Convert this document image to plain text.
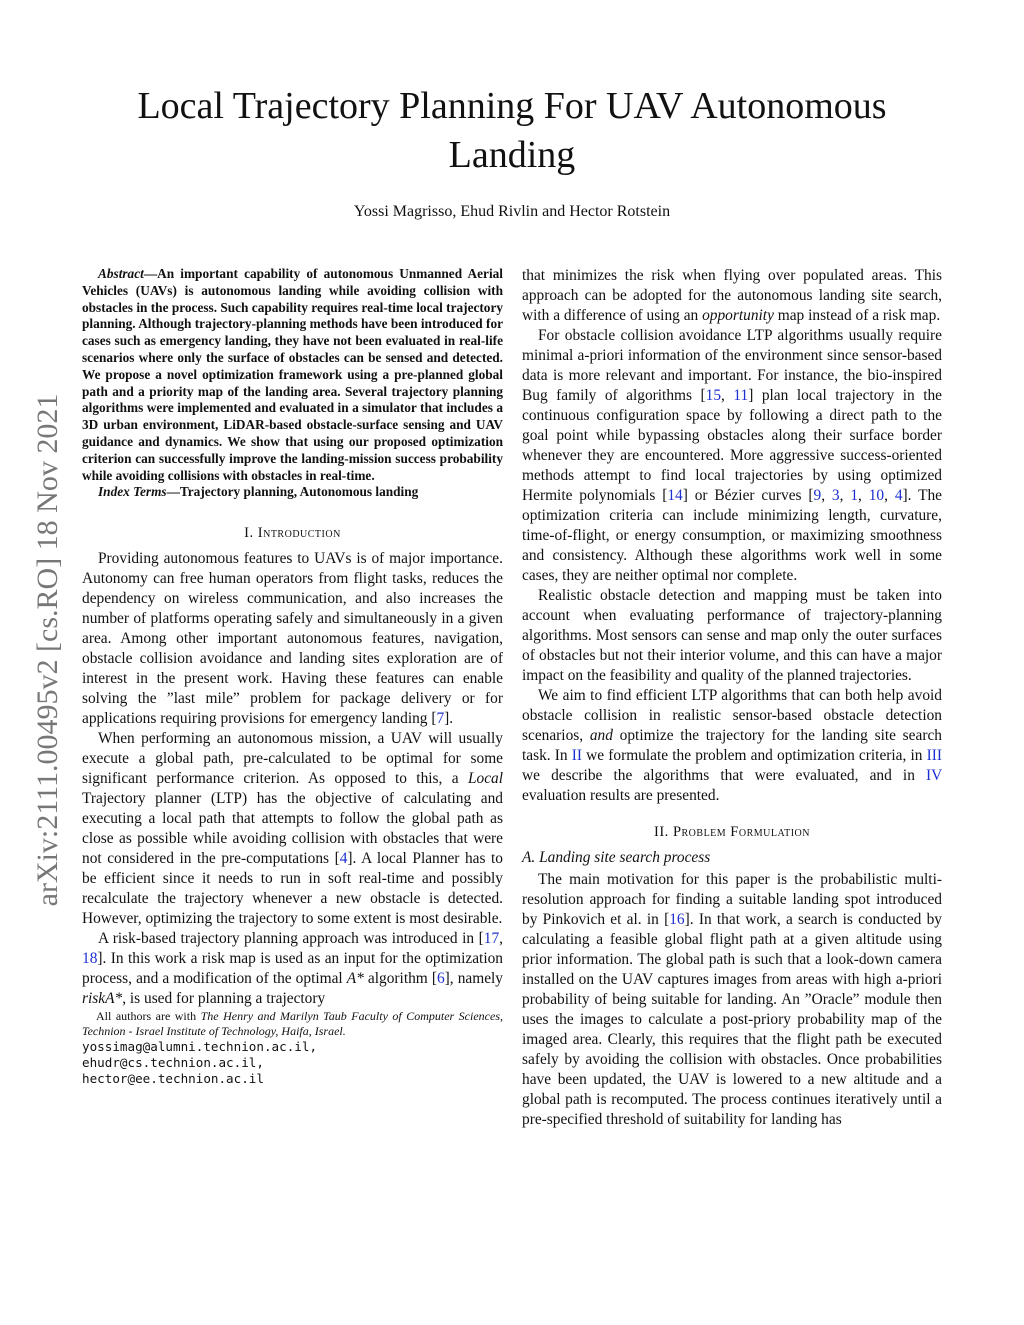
Local Trajectory Planning For UAV Autonomous
Landing
Yossi Magrisso, Ehud Rivlin and Hector Rotstein
arXiv:2111.00495v2 [cs.RO] 18 Nov 2021

Abstract—An important capability of autonomous Unmanned Aerial Vehicles (UAVs) is autonomous landing while avoiding collision with obstacles in the process. Such capability requires real-time local trajectory planning. Although trajectory-planning methods have been introduced for cases such as emergency landing, they have not been evaluated in real-life scenarios where only the surface of obstacles can be sensed and detected. We propose a novel optimization framework using a pre-planned global path and a priority map of the landing area. Several trajectory planning algorithms were implemented and evaluated in a simulator that includes a 3D urban environment, LiDAR-based obstacle-surface sensing and UAV guidance and dynamics. We show that using our proposed optimization criterion can successfully improve the landing-mission success probability while avoiding collisions with obstacles in real-time.

Index Terms—Trajectory planning, Autonomous landing

I. Introduction

Providing autonomous features to UAVs is of major importance. Autonomy can free human operators from flight tasks, reduces the dependency on wireless communication, and also increases the number of platforms operating safely and simultaneously in a given area. Among other important autonomous features, navigation, obstacle collision avoidance and landing sites exploration are of interest in the present work. Having these features can enable solving the ”last mile” problem for package delivery or for applications requiring provisions for emergency landing [7].

When performing an autonomous mission, a UAV will usually execute a global path, pre-calculated to be optimal for some significant performance criterion. As opposed to this, a Local Trajectory planner (LTP) has the objective of calculating and executing a local path that attempts to follow the global path as close as possible while avoiding collision with obstacles that were not considered in the pre-computations [4]. A local Planner has to be efficient since it needs to run in soft real-time and possibly recalculate the trajectory whenever a new obstacle is detected. However, optimizing the trajectory to some extent is most desirable.

A risk-based trajectory planning approach was introduced in [17, 18]. In this work a risk map is used as an input for the optimization process, and a modification of the optimal A* algorithm [6], namely riskA*, is used for planning a trajectory

All authors are with The Henry and Marilyn Taub Faculty of Computer Sciences, Technion - Israel Institute of Technology, Haifa, Israel.

yossimag@alumni.technion.ac.il,
ehudr@cs.technion.ac.il,
hector@ee.technion.ac.il

that minimizes the risk when flying over populated areas. This approach can be adopted for the autonomous landing site search, with a difference of using an opportunity map instead of a risk map.

For obstacle collision avoidance LTP algorithms usually require minimal a-priori information of the environment since sensor-based data is more relevant and important. For instance, the bio-inspired Bug family of algorithms [15, 11] plan local trajectory in the continuous configuration space by following a direct path to the goal point while bypassing obstacles along their surface border whenever they are encountered. More aggressive success-oriented methods attempt to find local trajectories by using optimized Hermite polynomials [14] or Bézier curves [9, 3, 1, 10, 4]. The optimization criteria can include minimizing length, curvature, time-of-flight, or energy consumption, or maximizing smoothness and consistency. Although these algorithms work well in some cases, they are neither optimal nor complete.

Realistic obstacle detection and mapping must be taken into account when evaluating performance of trajectory-planning algorithms. Most sensors can sense and map only the outer surfaces of obstacles but not their interior volume, and this can have a major impact on the feasibility and quality of the planned trajectories.

We aim to find efficient LTP algorithms that can both help avoid obstacle collision in realistic sensor-based obstacle detection scenarios, and optimize the trajectory for the landing site search task. In II we formulate the problem and optimization criteria, in III we describe the algorithms that were evaluated, and in IV evaluation results are presented.

II. Problem Formulation
A. Landing site search process

The main motivation for this paper is the probabilistic multi-resolution approach for finding a suitable landing spot introduced by Pinkovich et al. in [16]. In that work, a search is conducted by calculating a feasible global flight path at a given altitude using prior information. The global path is such that a look-down camera installed on the UAV captures images from areas with high a-priori probability of being suitable for landing. An ”Oracle” module then uses the images to calculate a post-priory probability map of the imaged area. Clearly, this requires that the flight path be executed safely by avoiding the collision with obstacles. Once probabilities have been updated, the UAV is lowered to a new altitude and a global path is recomputed. The process continues iteratively until a pre-specified threshold of suitability for landing has
